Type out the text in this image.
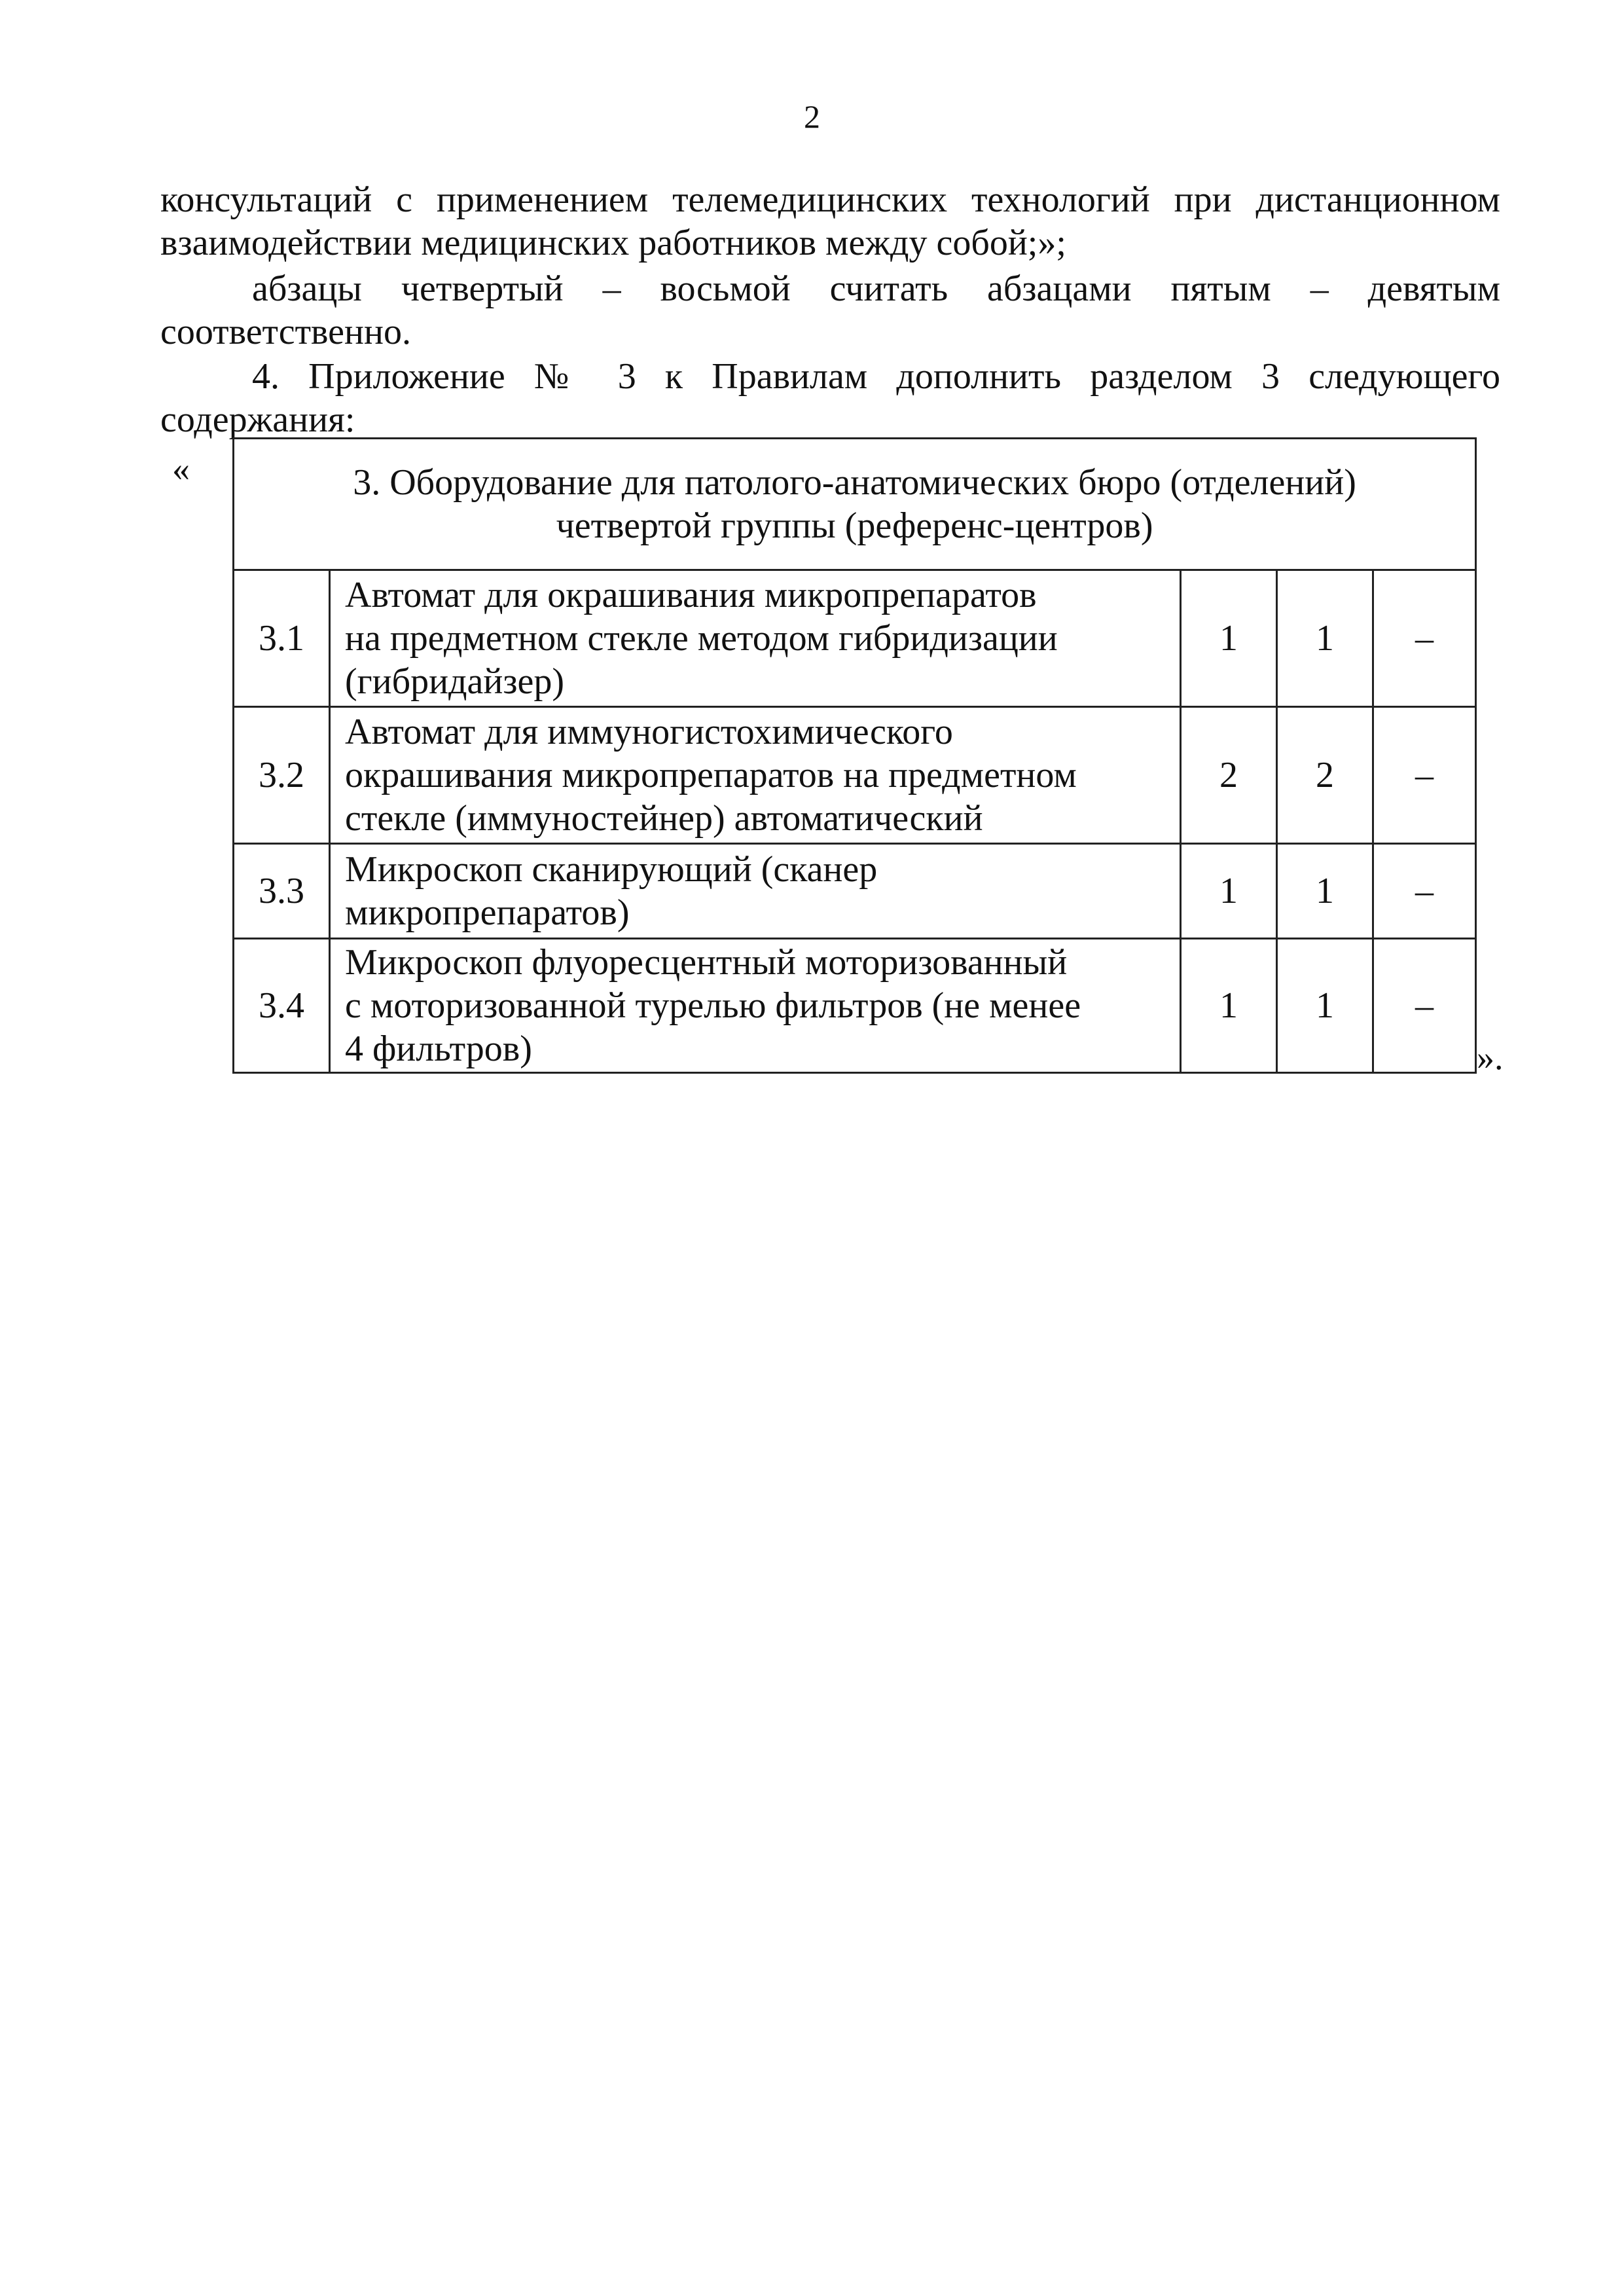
2

консультаций с применением телемедицинских технологий при дистанционном
взаимодействии медицинских работников между собой;»;

абзацы четвертый – восьмой считать абзацами пятым – девятым
соответственно.

4. Приложение № 3 к Правилам дополнить разделом 3 следующего
содержания:

«	3. Оборудование для патолого-анатомических бюро (отделений)
четвертой группы (референс-центров)				

3.1	Автомат для окрашивания микропрепаратов
на предметном стекле методом гибридизации
(гибридайзер)	1	1	–
3.2	Автомат для иммуногистохимического
окрашивания микропрепаратов на предметном
стекле (иммуностейнер) автоматический	2	2	–
3.3	Микроскоп сканирующий (сканер
микропрепаратов)	1	1	–
3.4	Микроскоп флуоресцентный моторизованный
с моторизованной турелью фильтров (не менее
4 фильтров)	1	1	–
».
